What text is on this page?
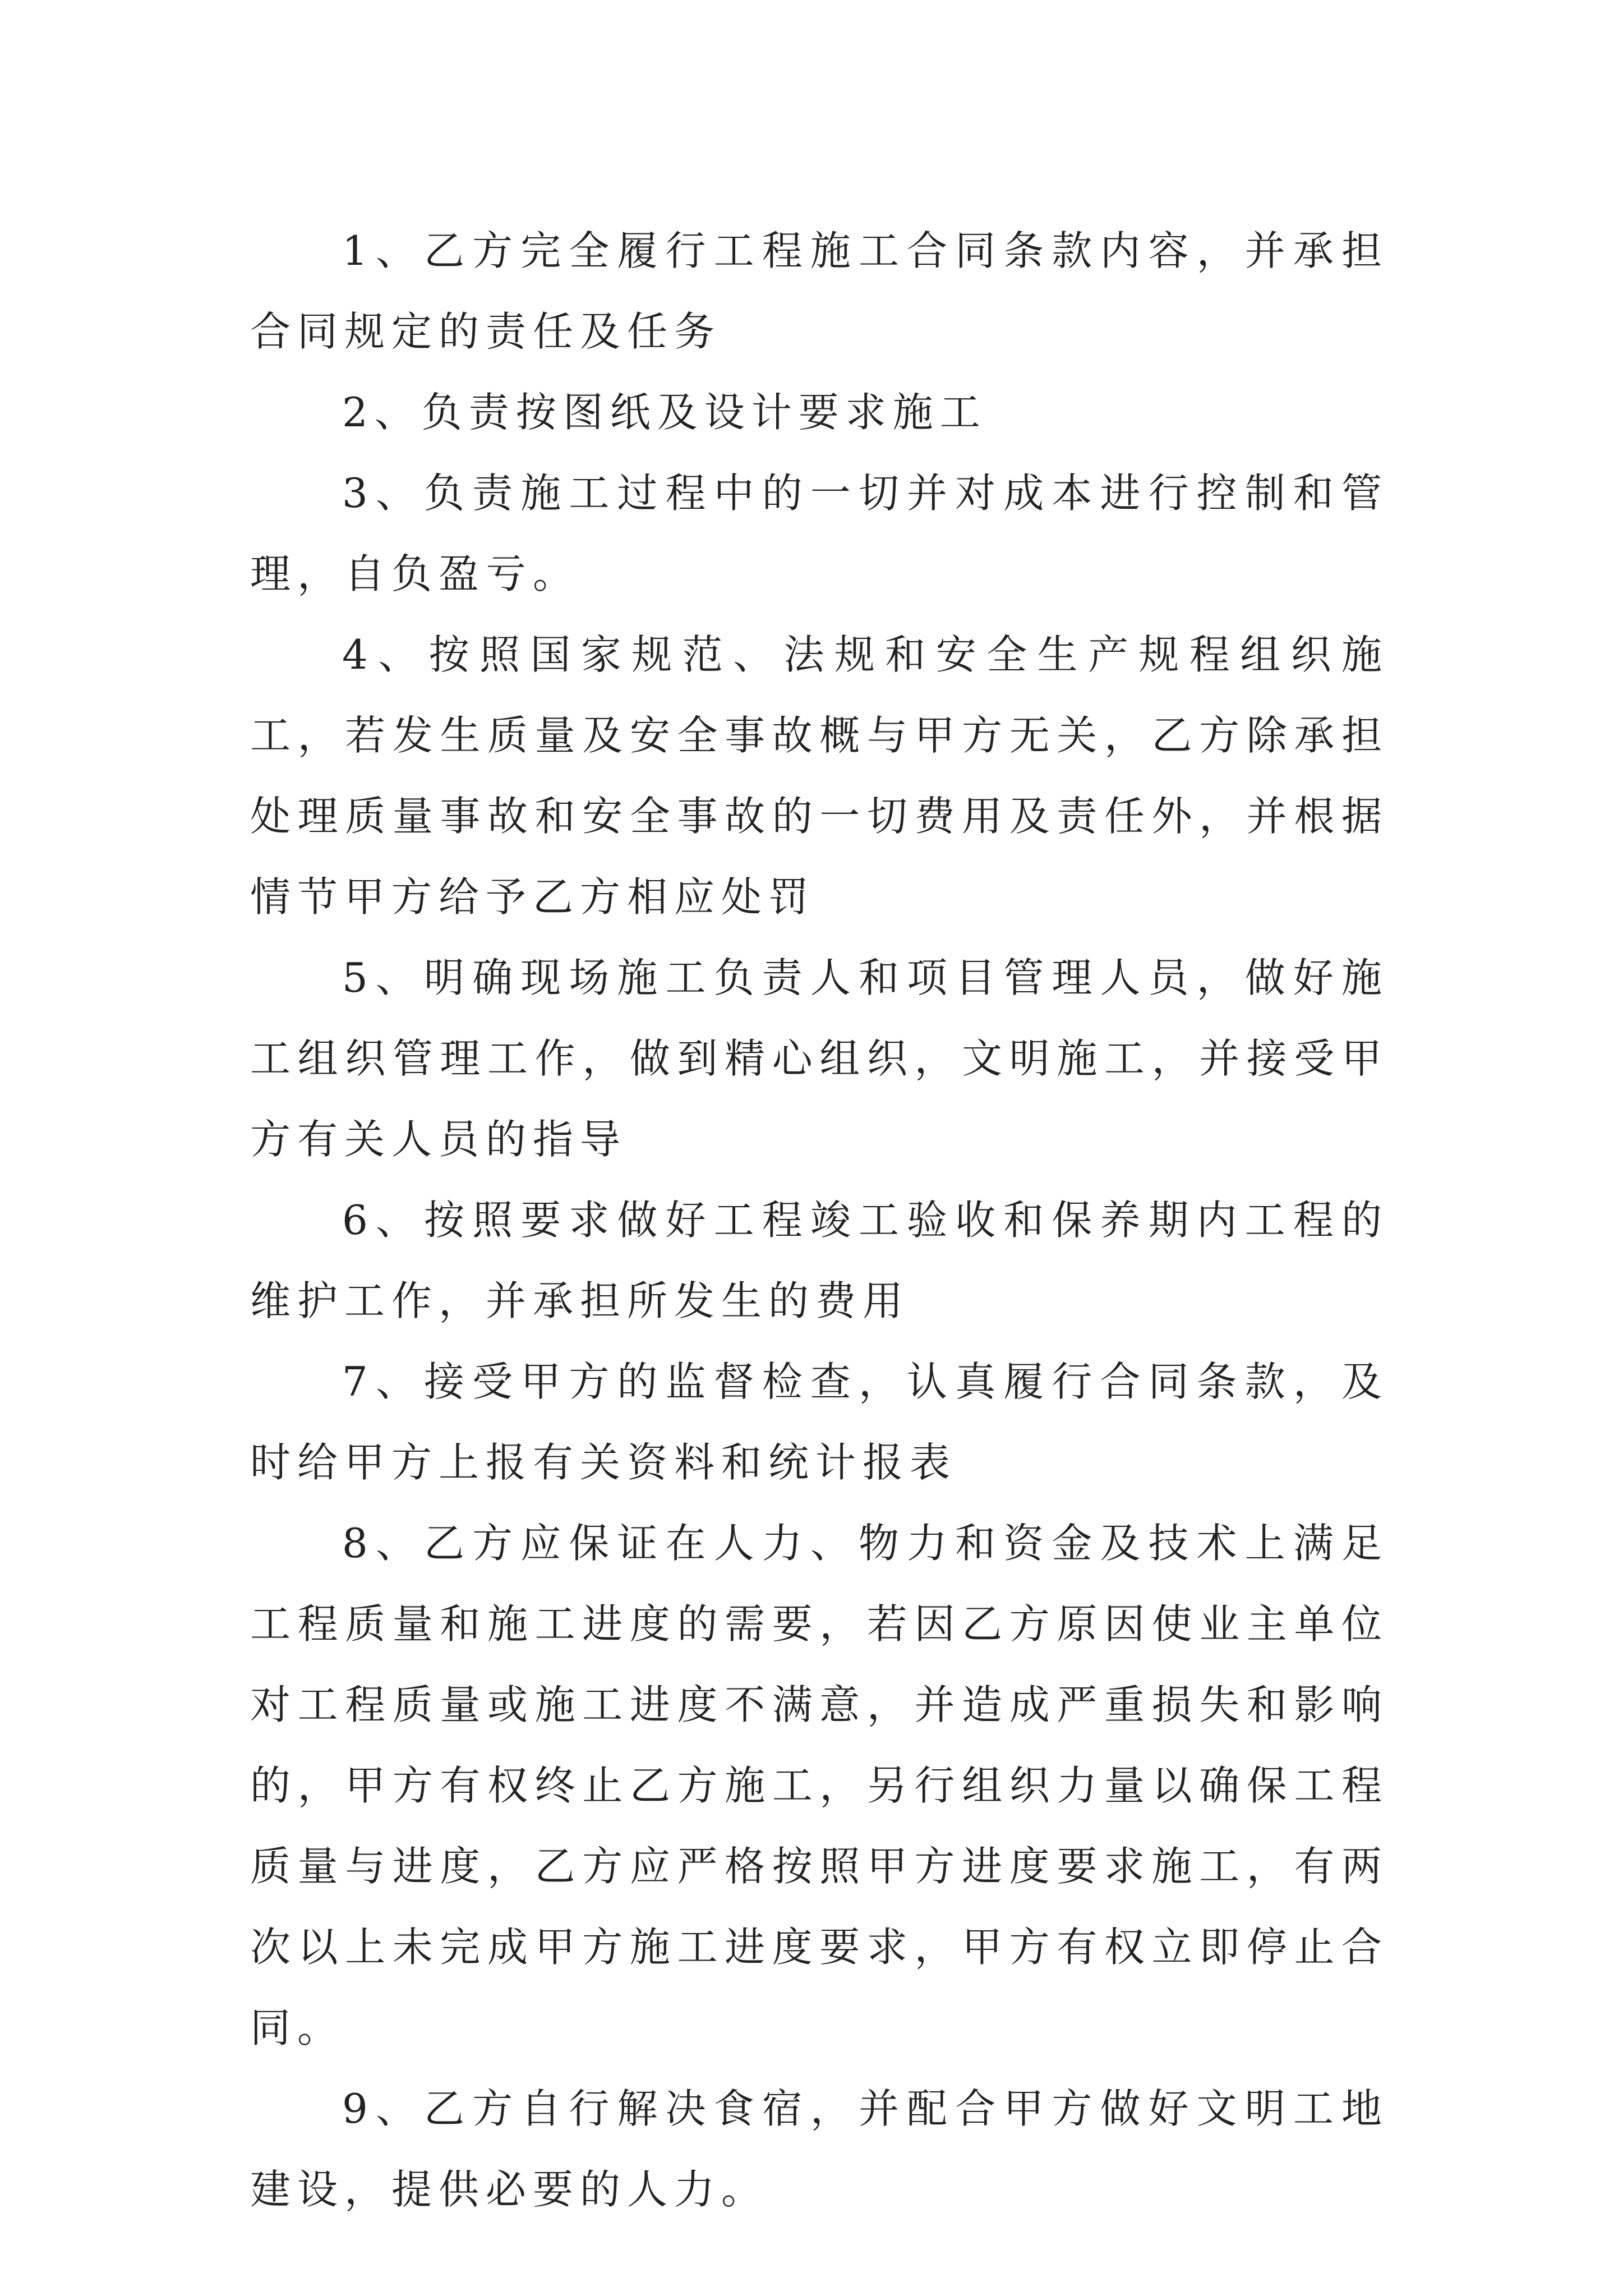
1、乙方完全履行工程施工合同条款内容，并承担合同规定的责任及任务

2、负责按图纸及设计要求施工

3、负责施工过程中的一切并对成本进行控制和管理，自负盈亏。

4、按照国家规范、法规和安全生产规程组织施工，若发生质量及安全事故概与甲方无关，乙方除承担处理质量事故和安全事故的一切费用及责任外，并根据情节甲方给予乙方相应处罚

5、明确现场施工负责人和项目管理人员，做好施工组织管理工作，做到精心组织，文明施工，并接受甲方有关人员的指导

6、按照要求做好工程竣工验收和保养期内工程的维护工作，并承担所发生的费用

7、接受甲方的监督检查，认真履行合同条款，及时给甲方上报有关资料和统计报表

8、乙方应保证在人力、物力和资金及技术上满足工程质量和施工进度的需要，若因乙方原因使业主单位对工程质量或施工进度不满意，并造成严重损失和影响的，甲方有权终止乙方施工，另行组织力量以确保工程质量与进度，乙方应严格按照甲方进度要求施工，有两次以上未完成甲方施工进度要求，甲方有权立即停止合同。

9、乙方自行解决食宿，并配合甲方做好文明工地建设，提供必要的人力。
